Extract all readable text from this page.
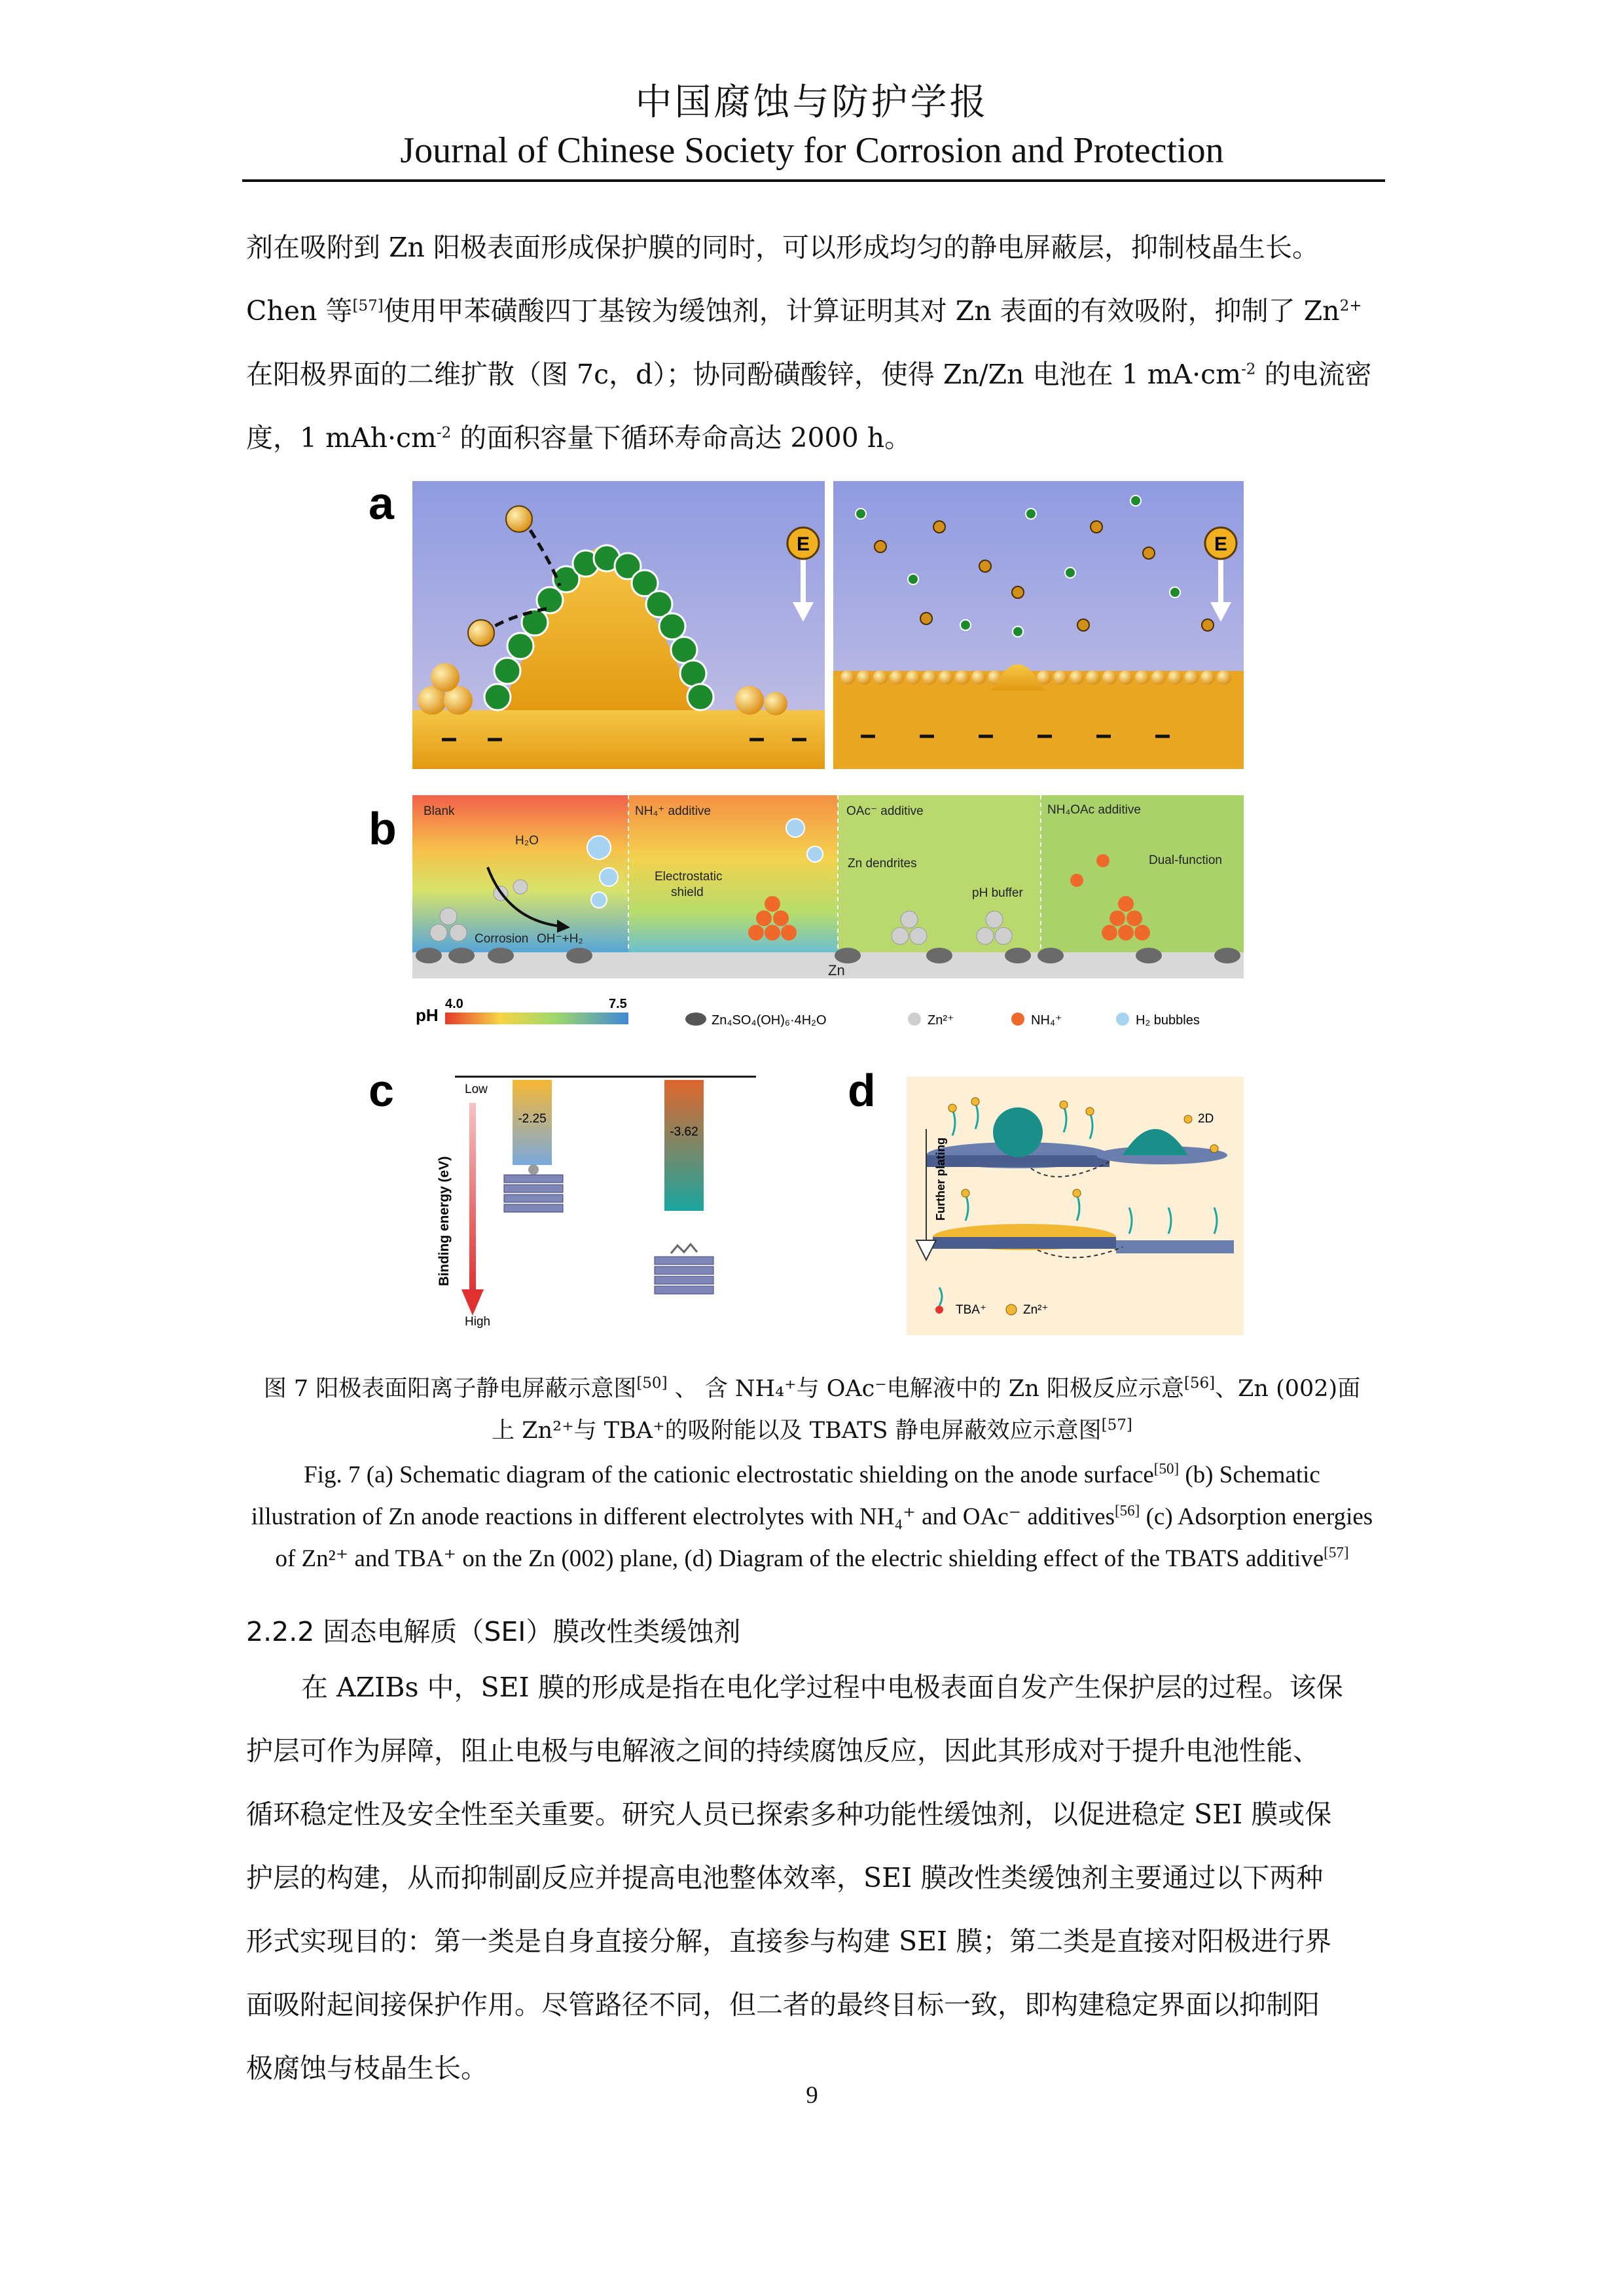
中国腐蚀与防护学报
Journal of Chinese Society for Corrosion and Protection
剂在吸附到 Zn 阳极表面形成保护膜的同时，可以形成均匀的静电屏蔽层，抑制枝晶生长。
Chen 等[57]使用甲苯磺酸四丁基铵为缓蚀剂，计算证明其对 Zn 表面的有效吸附，抑制了 $Zn^{2+}$
在阳极界面的二维扩散（图 7c，d）；协同酚磺酸锌，使得 Zn/Zn 电池在 1 $mA\cdot cm^{-2}$ 的电流密
度，1 $mAh\cdot cm^{-2}$ 的面积容量下循环寿命高达 2000 h。
a
b
c	d
E	E
Blank	NH₄⁺ additive	OAc⁻ additive	NH₄OAc additive
H₂O
Electrostatic
shield
Zn dendrites
pH buffer
Dual-function
Corrosion OH⁻+H₂
Zn
pH
4.0	7.5
Zn₄SO₄(OH)₆·4H₂O	Zn²⁺	NH₄⁺	H₂ bubbles
Low
High
Binding energy (eV)
-2.25
-3.62
Further plating
2D
TBA⁺	Zn²⁺
图 7 阳极表面阳离子静电屏蔽示意图[50] 、 含 NH₄⁺与 OAc⁻电解液中的 Zn 阳极反应示意[56]、Zn (002)面
上 Zn²⁺与 TBA⁺的吸附能以及 TBATS 静电屏蔽效应示意图[57]
Fig. 7 (a) Schematic diagram of the cationic electrostatic shielding on the anode surface[50] (b) Schematic
illustration of Zn anode reactions in different electrolytes with NH₄⁺ and OAc⁻ additives[56] (c) Adsorption energies
of Zn²⁺ and TBA⁺ on the Zn (002) plane, (d) Diagram of the electric shielding effect of the TBATS additive[57]
2.2.2 固态电解质（SEI）膜改性类缓蚀剂
在 AZIBs 中，SEI 膜的形成是指在电化学过程中电极表面自发产生保护层的过程。该保
护层可作为屏障，阻止电极与电解液之间的持续腐蚀反应，因此其形成对于提升电池性能、
循环稳定性及安全性至关重要。研究人员已探索多种功能性缓蚀剂，以促进稳定 SEI 膜或保
护层的构建，从而抑制副反应并提高电池整体效率，SEI 膜改性类缓蚀剂主要通过以下两种
形式实现目的：第一类是自身直接分解，直接参与构建 SEI 膜；第二类是直接对阳极进行界
面吸附起间接保护作用。尽管路径不同，但二者的最终目标一致，即构建稳定界面以抑制阳
极腐蚀与枝晶生长。
9
